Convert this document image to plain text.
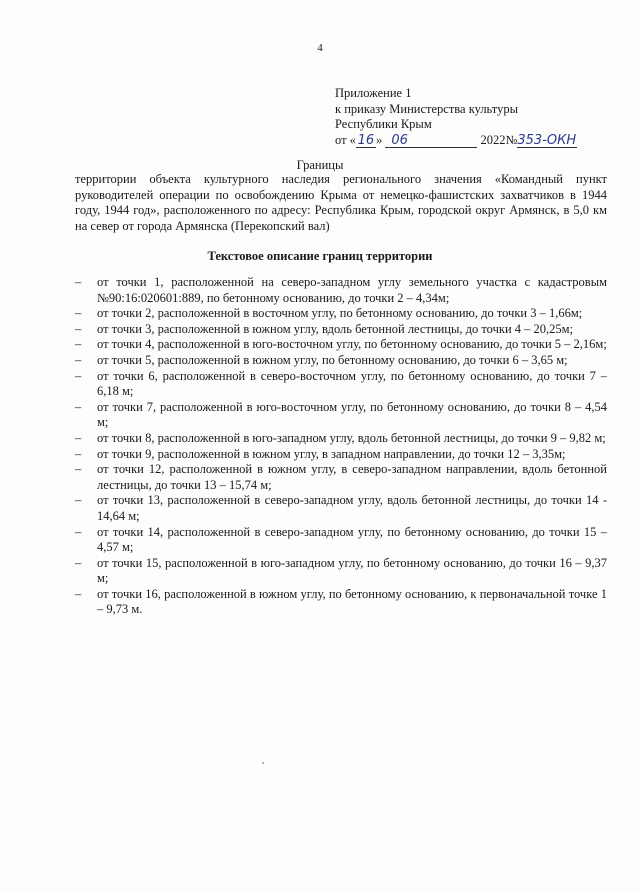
4
Приложение 1
к приказу Министерства культуры
Республики Крым
от « 16 » 06	2022№353-ОКН
Границы
территории объекта культурного наследия регионального значения «Командный пункт руководителей операции по освобождению Крыма от немецко-фашистских захватчиков в 1944 году, 1944 год», расположенного по адресу: Республика Крым, городской округ Армянск, в 5,0 км на север от города Армянска (Перекопский вал)
Текстовое описание границ территории
– от точки 1, расположенной на северо-западном углу земельного участка с кадастровым №90:16:020601:889, по бетонному основанию, до точки 2 – 4,34м;
– от точки 2, расположенной в восточном углу, по бетонному основанию, до точки 3 – 1,66м;
– от точки 3, расположенной в южном углу, вдоль бетонной лестницы, до точки 4 – 20,25м;
– от точки 4, расположенной в юго-восточном углу, по бетонному основанию, до точки 5 – 2,16м;
– от точки 5, расположенной в южном углу, по бетонному основанию, до точки 6 – 3,65 м;
– от точки 6, расположенной в северо-восточном углу, по бетонному основанию, до точки 7 – 6,18 м;
– от точки 7, расположенной в юго-восточном углу, по бетонному основанию, до точки 8 – 4,54 м;
– от точки 8, расположенной в юго-западном углу, вдоль бетонной лестницы, до точки 9 – 9,82 м;
– от точки 9, расположенной в южном углу, в западном направлении, до точки 12 – 3,35м;
– от точки 12, расположенной в южном углу, в северо-западном направлении, вдоль бетонной лестницы, до точки 13 – 15,74 м;
– от точки 13, расположенной в северо-западном углу, вдоль бетонной лестницы, до точки 14 - 14,64 м;
– от точки 14, расположенной в северо-западном углу, по бетонному основанию, до точки 15 – 4,57 м;
– от точки 15, расположенной в юго-западном углу, по бетонному основанию, до точки 16 – 9,37 м;
– от точки 16, расположенной в южном углу, по бетонному основанию, к первоначальной точке 1 – 9,73 м.
